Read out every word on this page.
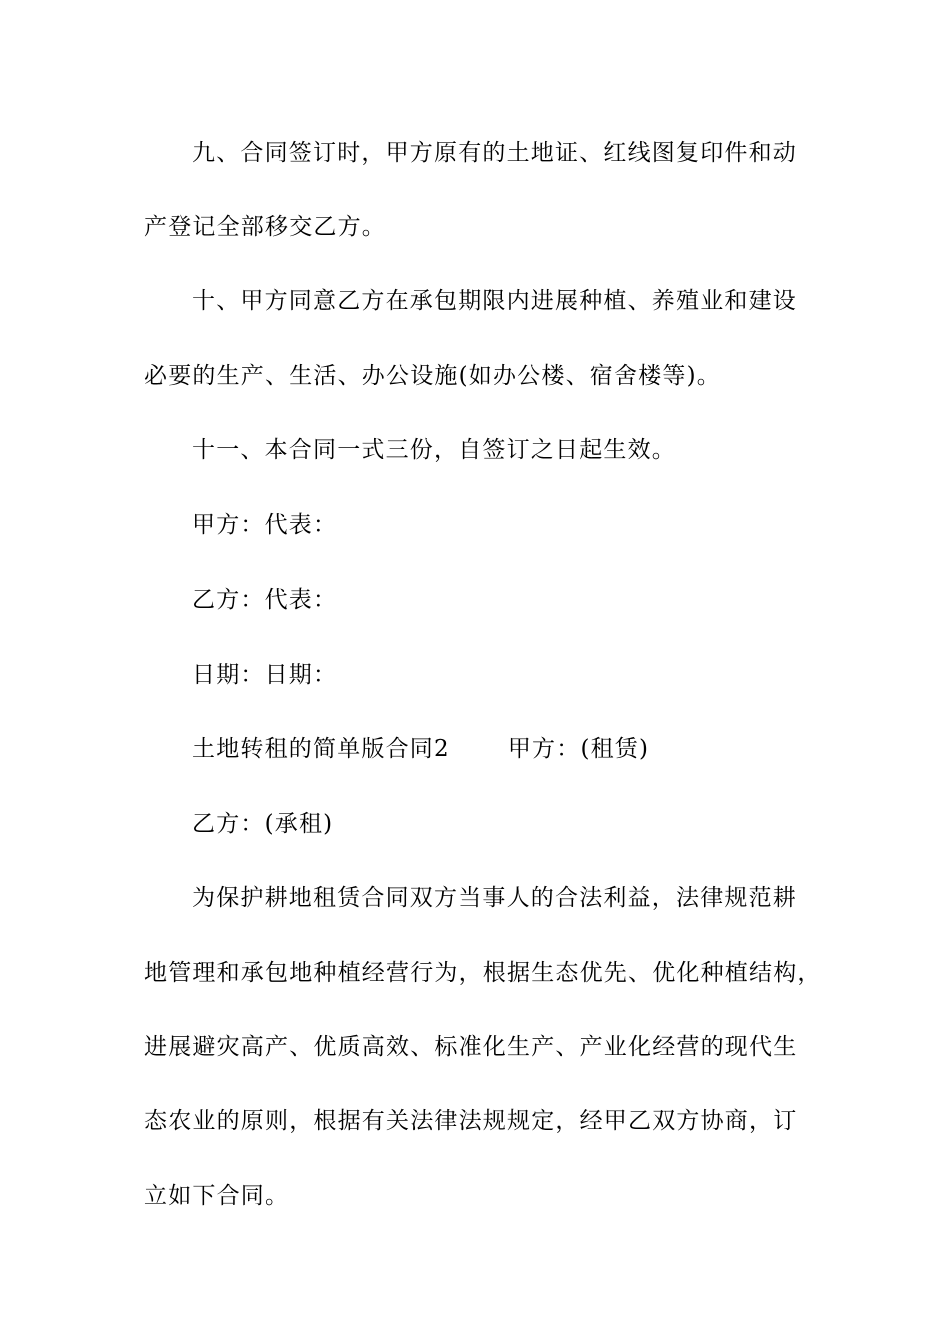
九、合同签订时，甲方原有的土地证、红线图复印件和动
产登记全部移交乙方。
十、甲方同意乙方在承包期限内进展种植、养殖业和建设
必要的生产、生活、办公设施(如办公楼、宿舍楼等)。
十一、本合同一式三份，自签订之日起生效。
甲方：代表：
乙方：代表：
日期：日期：
土地转租的简单版合同2	甲方：(租赁)
乙方：(承租)
为保护耕地租赁合同双方当事人的合法利益，法律规范耕
地管理和承包地种植经营行为，根据生态优先、优化种植结构，
进展避灾高产、优质高效、标准化生产、产业化经营的现代生
态农业的原则，根据有关法律法规规定，经甲乙双方协商，订
立如下合同。
